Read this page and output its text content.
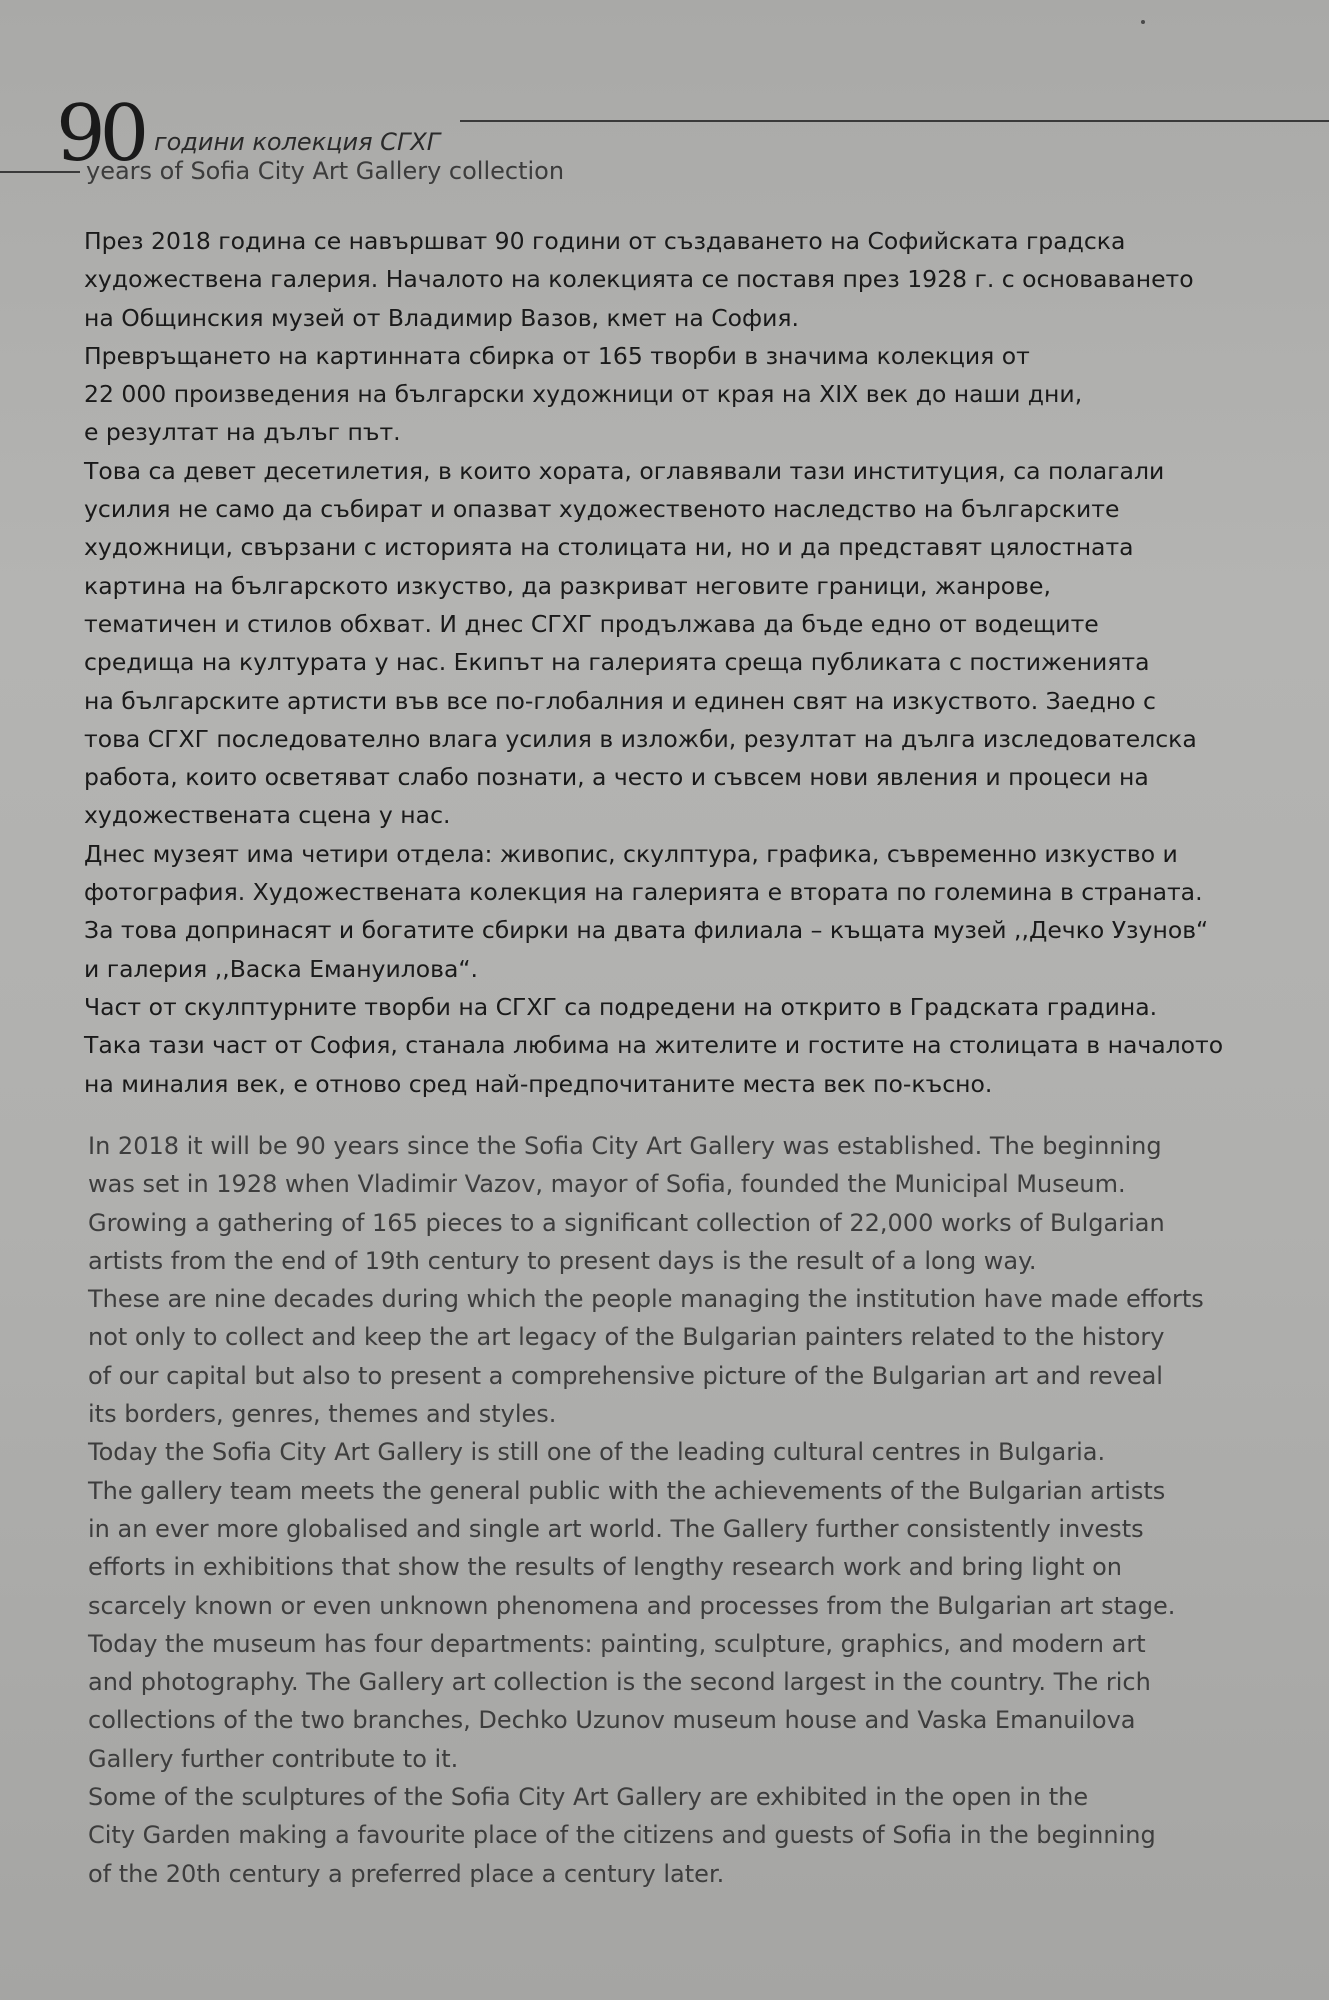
90 години колекция СГХГ
years of Sofia City Art Gallery collection
През 2018 година се навършват 90 години от създаването на Софийската градска
художествена галерия. Началото на колекцията се поставя през 1928 г. с основаването
на Общинския музей от Владимир Вазов, кмет на София.
Превръщането на картинната сбирка от 165 творби в значима колекция от
22 000 произведения на български художници от края на XIX век до наши дни,
е резултат на дълъг път.
Това са девет десетилетия, в които хората, оглавявали тази институция, са полагали
усилия не само да събират и опазват художественото наследство на българските
художници, свързани с историята на столицата ни, но и да представят цялостната
картина на българското изкуство, да разкриват неговите граници, жанрове,
тематичен и стилов обхват. И днес СГХГ продължава да бъде едно от водещите
средища на културата у нас. Екипът на галерията среща публиката с постиженията
на българските артисти във все по-глобалния и единен свят на изкуството. Заедно с
това СГХГ последователно влага усилия в изложби, резултат на дълга изследователска
работа, които осветяват слабо познати, а често и съвсем нови явления и процеси на
художествената сцена у нас.
Днес музеят има четири отдела: живопис, скулптура, графика, съвременно изкуство и
фотография. Художествената колекция на галерията е втората по големина в страната.
За това допринасят и богатите сбирки на двата филиала – къщата музей ,,Дечко Узунов“
и галерия ,,Васка Емануилова“.
Част от скулптурните творби на СГХГ са подредени на открито в Градската градина.
Така тази част от София, станала любима на жителите и гостите на столицата в началото
на миналия век, е отново сред най-предпочитаните места век по-късно.
In 2018 it will be 90 years since the Sofia City Art Gallery was established. The beginning
was set in 1928 when Vladimir Vazov, mayor of Sofia, founded the Municipal Museum.
Growing a gathering of 165 pieces to a significant collection of 22,000 works of Bulgarian
artists from the end of 19th century to present days is the result of a long way.
These are nine decades during which the people managing the institution have made efforts
not only to collect and keep the art legacy of the Bulgarian painters related to the history
of our capital but also to present a comprehensive picture of the Bulgarian art and reveal
its borders, genres, themes and styles.
Today the Sofia City Art Gallery is still one of the leading cultural centres in Bulgaria.
The gallery team meets the general public with the achievements of the Bulgarian artists
in an ever more globalised and single art world. The Gallery further consistently invests
efforts in exhibitions that show the results of lengthy research work and bring light on
scarcely known or even unknown phenomena and processes from the Bulgarian art stage.
Today the museum has four departments: painting, sculpture, graphics, and modern art
and photography. The Gallery art collection is the second largest in the country. The rich
collections of the two branches, Dechko Uzunov museum house and Vaska Emanuilova
Gallery further contribute to it.
Some of the sculptures of the Sofia City Art Gallery are exhibited in the open in the
City Garden making a favourite place of the citizens and guests of Sofia in the beginning
of the 20th century a preferred place a century later.
